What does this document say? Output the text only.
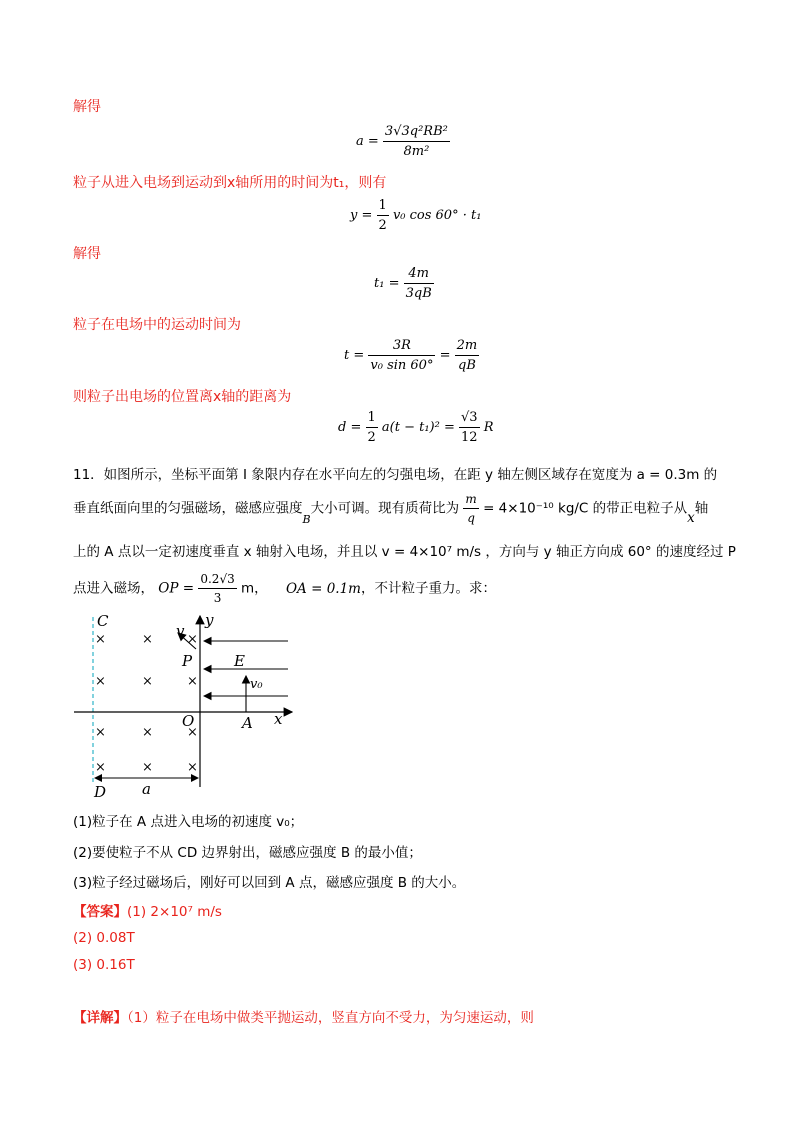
解得
$a = \frac{\text{3√3q²RB²}}{\text{8m²}}$
粒子从进入电场到运动到x轴所用的时间为t₁，则有
$y = \frac{1}{2} v_0$ cos 60° · t₁
解得
$t_1 = \frac{4m}{3qB}$
粒子在电场中的运动时间为
$t = \frac{3R}{\text{v₀ sin 60°}} = \frac{2m}{qB}$
则粒子出电场的位置离x轴的距离为
$d = \frac{1}{2} a(t - t_1)^2 = \frac{√3}{12}$ R
11．如图所示，坐标平面第 I 象限内存在水平向左的匀强电场，在距 y 轴左侧区域存在宽度为 a = 0.3m 的
垂直纸面向里的匀强磁场，磁感应强度$_B$大小可调。现有质荷比为 $\frac{m}{q} = 4\times 10^{-10}$ kg/C 的带正电粒子从x轴
上的 A 点以一定初速度垂直 x 轴射入电场，并且以 v = 4×10⁷ m/s ，方向与 y 轴正方向成 60° 的速度经过 P
点进入磁场， OP = $\frac{0.2√3}{3}$ m， OA = 0.1m，不计粒子重力。求：
×	×	×
×	×	×
×	×	×
×	×	×
C
D
y
x
O	A
P	E
v
v₀
a
(1)粒子在 A 点进入电场的初速度 v₀；
(2)要使粒子不从 CD 边界射出，磁感应强度 B 的最小值；
(3)粒子经过磁场后，刚好可以回到 A 点，磁感应强度 B 的大小。
【答案】(1) 2×10⁷ m/s
(2) 0.08T
(3) 0.16T
【详解】（1）粒子在电场中做类平抛运动，竖直方向不受力，为匀速运动，则
